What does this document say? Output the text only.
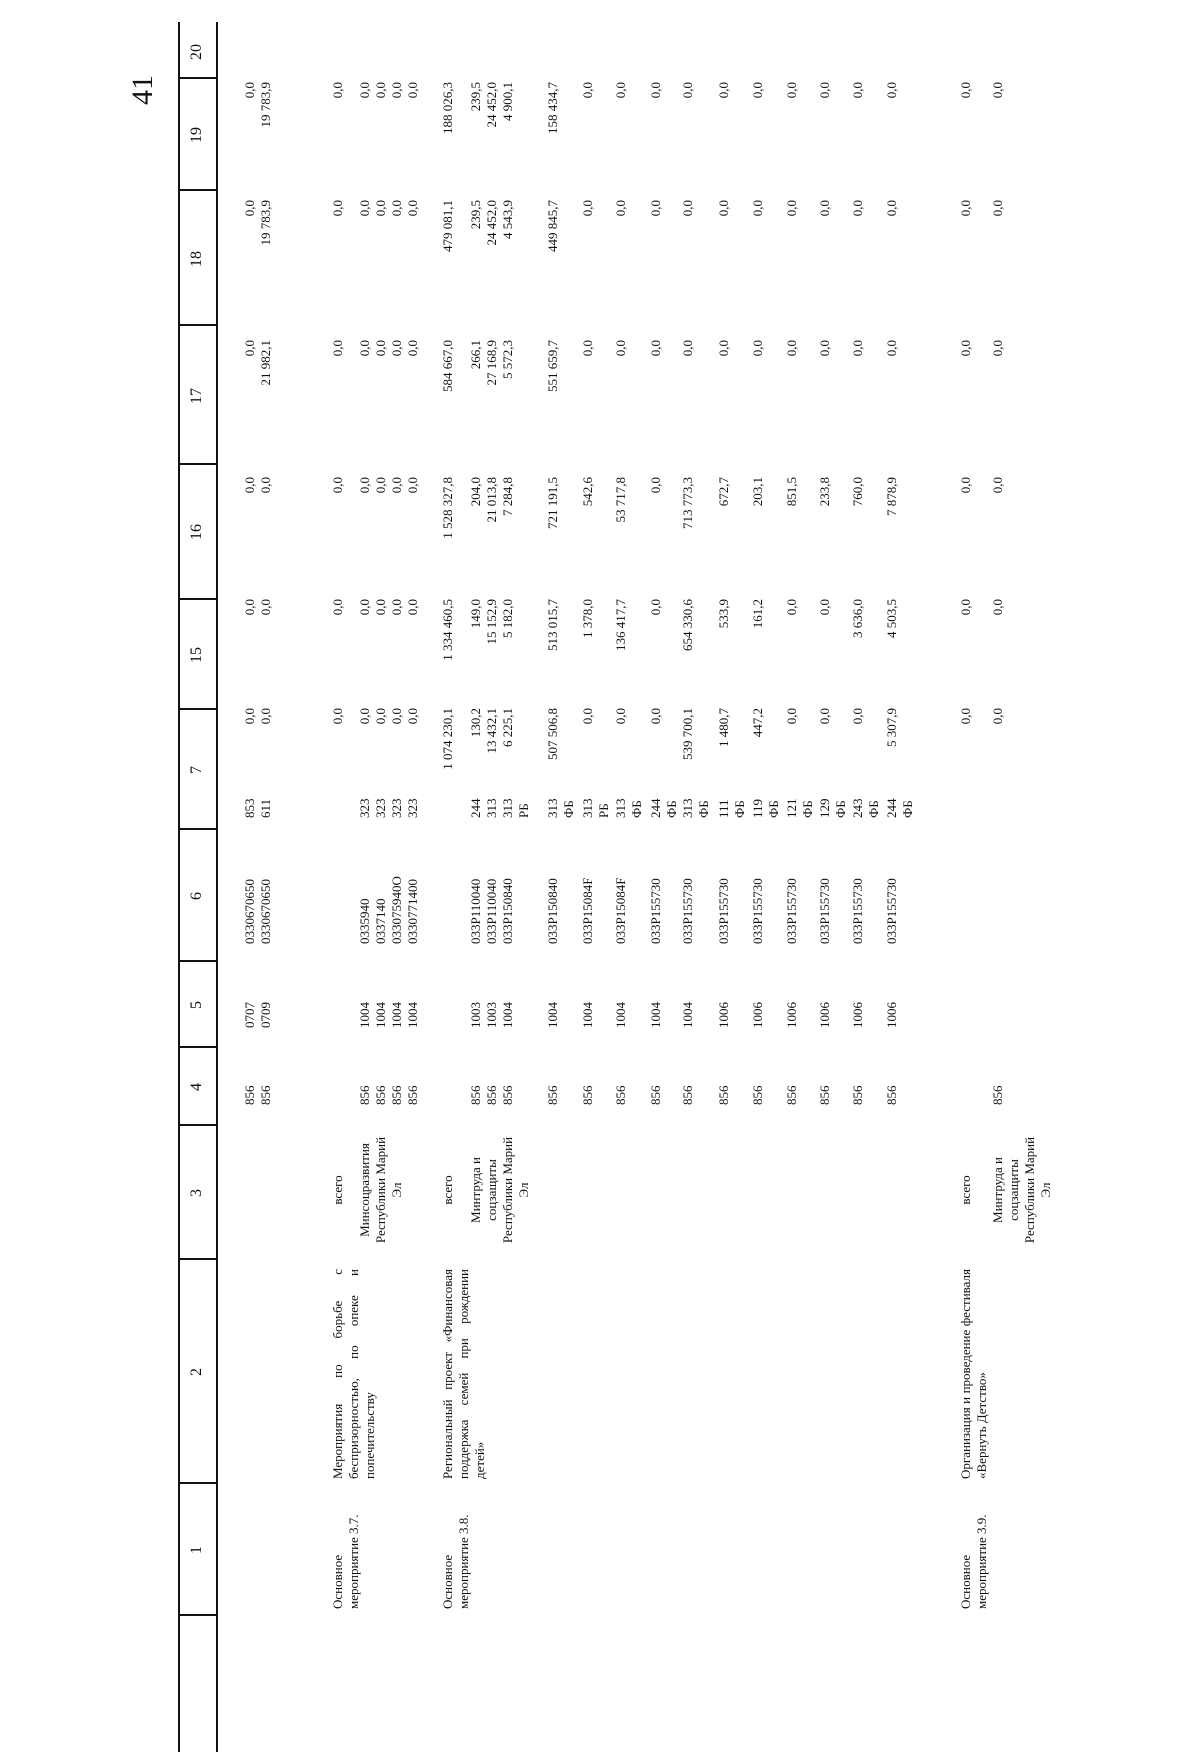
41
1
2
3
4
5
6
7
15
16
17
18
19
20
856 856
0707 0709
0330670650 0330670650
853 611
0,0 0,0
0,0 0,0
0,0 0,0
0,0 21 982,1
0,0 19 783,9
0,0 19 783,9
Основное мероприятие 3.7.
Мероприятия по борьбе с беспризорностью, по опеке и попечительству
всего
0,0
0,0
0,0
0,0
0,0
0,0
Минсоцразвития Республики Марий Эл
856 856 856 856
1004 1004 1004 1004
0335940 0337140 033075940O 0330771400
323 323 323 323
0,0 0,0 0,0 0,0
0,0 0,0 0,0 0,0
0,0 0,0 0,0 0,0
0,0 0,0 0,0 0,0
0,0 0,0 0,0 0,0
0,0 0,0 0,0 0,0
Основное мероприятие 3.8.
Региональный проект «Финансовая поддержка семей при рождении детей»
всего
1 074 230,1
1 334 460,5
1 528 327,8
584 667,0
479 081,1
188 026,3
Минтруда и соцзащиты Республики Марий Эл
856 856 856
1003 1003 1004
033P110040 033P110040 033P150840
244 313 313 РБ
130,2 13 432,1 6 225,1
149,0 15 152,9 5 182,0
204,0 21 013,8 7 284,8
266,1 27 168,9 5 572,3
239,5 24 452,0 4 543,9
239,5 24 452,0 4 900,1
856
1004
033P150840
313 ФБ
507 506,8
513 015,7
721 191,5
551 659,7
449 845,7
158 434,7
856
1004
033P15084F
313 РБ
0,0
1 378,0
542,6
0,0
0,0
0,0
856
1004
033P15084F
313 ФБ
0,0
136 417,7
53 717,8
0,0
0,0
0,0
856
1004
033P155730
244 ФБ
0,0
0,0
0,0
0,0
0,0
0,0
856
1004
033P155730
313 ФБ
539 700,1
654 330,6
713 773,3
0,0
0,0
0,0
856
1006
033P155730
111 ФБ
1 480,7
533,9
672,7
0,0
0,0
0,0
856
1006
033P155730
119 ФБ
447,2
161,2
203,1
0,0
0,0
0,0
856
1006
033P155730
121 ФБ
0,0
0,0
851,5
0,0
0,0
0,0
856
1006
033P155730
129 ФБ
0,0
0,0
233,8
0,0
0,0
0,0
856
1006
033P155730
243 ФБ
0,0
3 636,0
760,0
0,0
0,0
0,0
856
1006
033P155730
244 ФБ
5 307,9
4 503,5
7 878,9
0,0
0,0
0,0
Основное мероприятие 3.9.
Организация и проведение фестиваля «Вернуть Детство»
всего
0,0
0,0
0,0
0,0
0,0
0,0
Минтруда и соцзащиты Республики Марий Эл
856
0,0
0,0
0,0
0,0
0,0
0,0
